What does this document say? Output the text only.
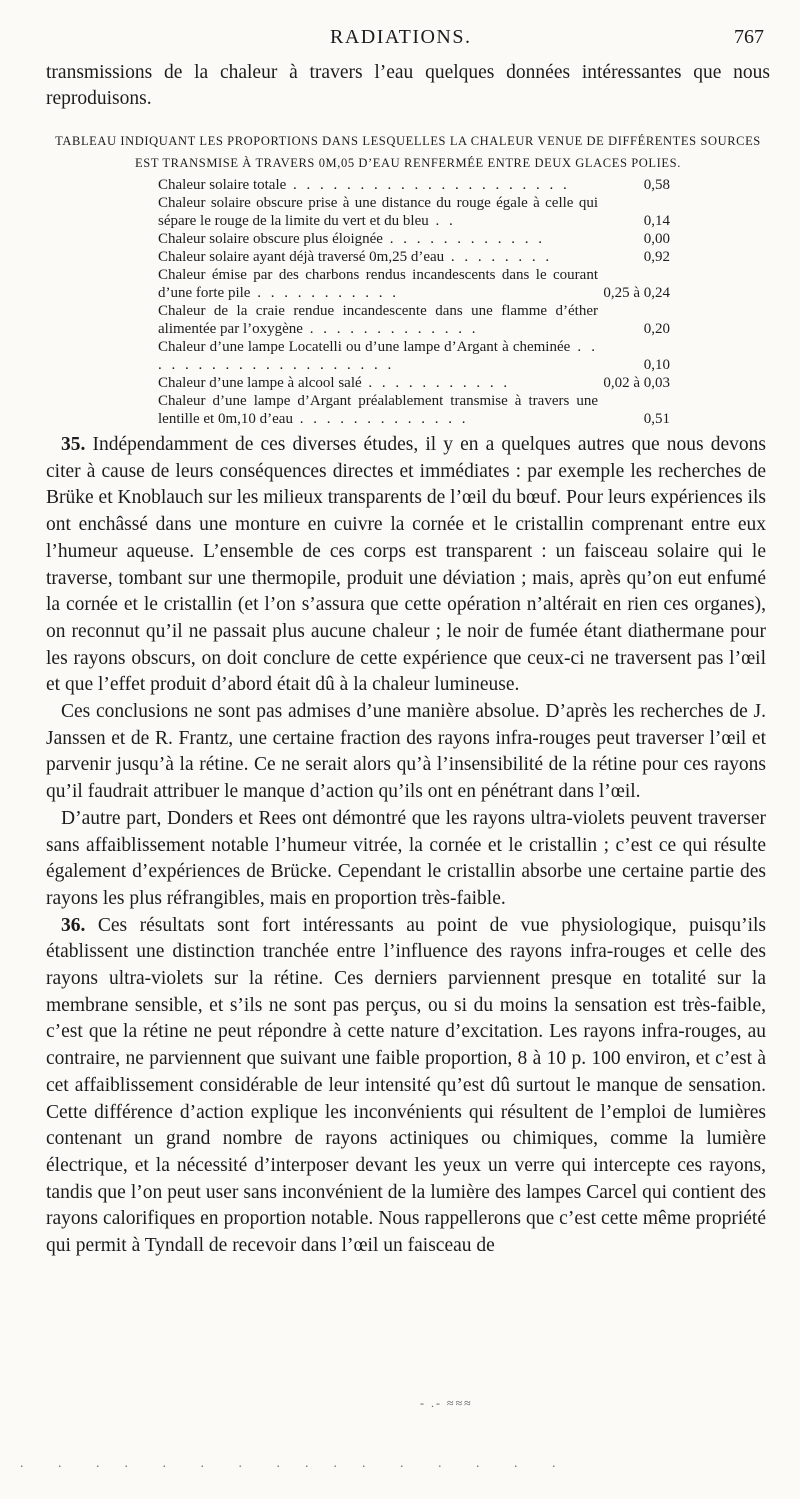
RADIATIONS.	767
transmissions de la chaleur à travers l’eau quelques données intéressantes que nous reproduisons.
TABLEAU INDIQUANT LES PROPORTIONS DANS LESQUELLES LA CHALEUR VENUE DE DIFFÉRENTES SOURCES EST TRANSMISE À TRAVERS 0M,05 D’EAU RENFERMÉE ENTRE DEUX GLACES POLIES.
Chaleur solaire totale . . . . . . . . . . . . . . . . . . . . .	0,58
Chaleur solaire obscure prise à une distance du rouge égale à celle qui sépare le rouge de la limite du vert et du bleu . .	0,14
Chaleur solaire obscure plus éloignée . . . . . . . . . . . .	0,00
Chaleur solaire ayant déjà traversé 0m,25 d’eau . . . . . . . .	0,92
Chaleur émise par des charbons rendus incandescents dans le courant d’une forte pile . . . . . . . . . . .	0,25 à 0,24
Chaleur de la craie rendue incandescente dans une flamme d’éther alimentée par l’oxygène . . . . . . . . . . . . .	0,20
Chaleur d’une lampe Locatelli ou d’une lampe d’Argant à cheminée . . . . . . . . . . . . . . . . . . . .	0,10
Chaleur d’une lampe à alcool salé . . . . . . . . . . .	0,02 à 0,03
Chaleur d’une lampe d’Argant préalablement transmise à travers une lentille et 0m,10 d’eau . . . . . . . . . . . . .	0,51

35. Indépendamment de ces diverses études, il y en a quelques autres que nous devons citer à cause de leurs conséquences directes et immédiates : par exemple les recherches de Brüke et Knoblauch sur les milieux transparents de l’œil du bœuf. Pour leurs expériences ils ont enchâssé dans une monture en cuivre la cornée et le cristallin comprenant entre eux l’humeur aqueuse. L’ensemble de ces corps est transparent : un faisceau solaire qui le traverse, tombant sur une thermopile, produit une déviation ; mais, après qu’on eut enfumé la cornée et le cristallin (et l’on s’assura que cette opération n’altérait en rien ces organes), on reconnut qu’il ne passait plus aucune chaleur ; le noir de fumée étant diathermane pour les rayons obscurs, on doit conclure de cette expérience que ceux-ci ne traversent pas l’œil et que l’effet produit d’abord était dû à la chaleur lumineuse.

Ces conclusions ne sont pas admises d’une manière absolue. D’après les recherches de J. Janssen et de R. Frantz, une certaine fraction des rayons infra-rouges peut traverser l’œil et parvenir jusqu’à la rétine. Ce ne serait alors qu’à l’insensibilité de la rétine pour ces rayons qu’il faudrait attribuer le manque d’action qu’ils ont en pénétrant dans l’œil.

D’autre part, Donders et Rees ont démontré que les rayons ultra-violets peuvent traverser sans affaiblissement notable l’humeur vitrée, la cornée et le cristallin ; c’est ce qui résulte également d’expériences de Brücke. Cependant le cristallin absorbe une certaine partie des rayons les plus réfrangibles, mais en proportion très-faible.

36. Ces résultats sont fort intéressants au point de vue physiologique, puisqu’ils établissent une distinction tranchée entre l’influence des rayons infra-rouges et celle des rayons ultra-violets sur la rétine. Ces derniers parviennent presque en totalité sur la membrane sensible, et s’ils ne sont pas perçus, ou si du moins la sensation est très-faible, c’est que la rétine ne peut répondre à cette nature d’excitation. Les rayons infra-rouges, au contraire, ne parviennent que suivant une faible proportion, 8 à 10 p. 100 environ, et c’est à cet affaiblissement considérable de leur intensité qu’est dû surtout le manque de sensation. Cette différence d’action explique les inconvénients qui résultent de l’emploi de lumières contenant un grand nombre de rayons actiniques ou chimiques, comme la lumière électrique, et la nécessité d’interposer devant les yeux un verre qui intercepte ces rayons, tandis que l’on peut user sans inconvénient de la lumière des lampes Carcel qui contient des rayons calorifiques en proportion notable. Nous rappellerons que c’est cette même propriété qui permit à Tyndall de recevoir dans l’œil un faisceau de

- .- ≈≈≈
.   .   .  .   .   .   .   .  .  .  .   .   .   .   .   .
